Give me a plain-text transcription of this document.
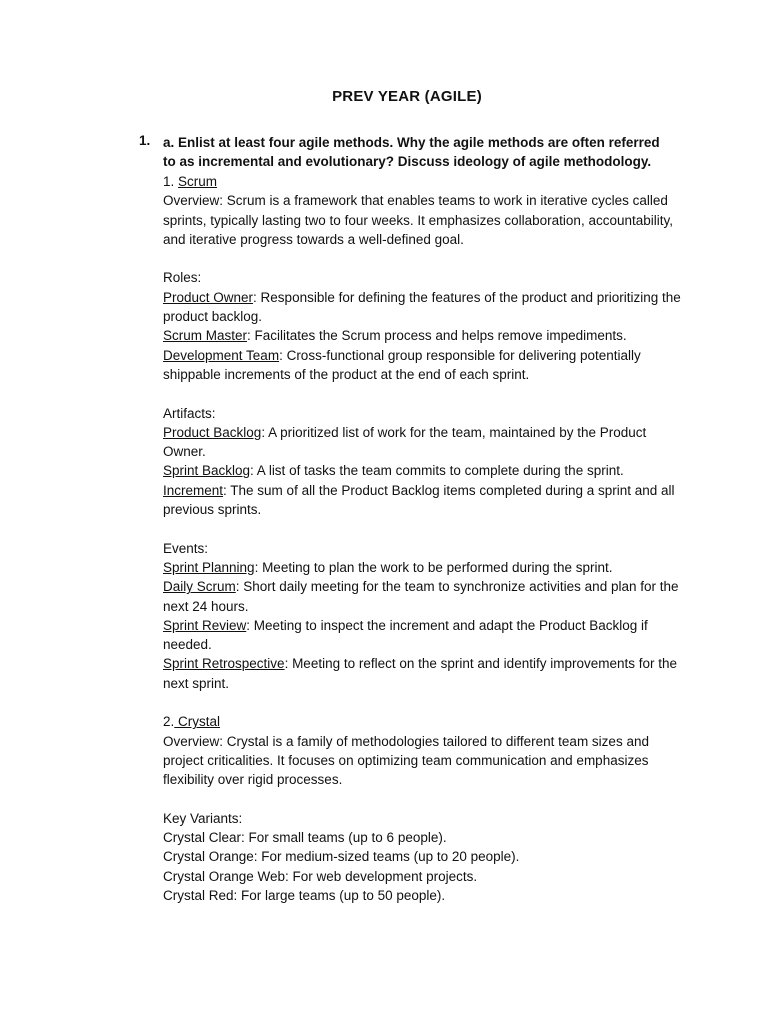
PREV YEAR (AGILE)
1. a. Enlist at least four agile methods. Why the agile methods are often referred to as incremental and evolutionary? Discuss ideology of agile methodology.

1. Scrum

Overview: Scrum is a framework that enables teams to work in iterative cycles called sprints, typically lasting two to four weeks. It emphasizes collaboration, accountability, and iterative progress towards a well-defined goal.

Roles:

Product Owner: Responsible for defining the features of the product and prioritizing the product backlog.

Scrum Master: Facilitates the Scrum process and helps remove impediments.

Development Team: Cross-functional group responsible for delivering potentially shippable increments of the product at the end of each sprint.

Artifacts:

Product Backlog: A prioritized list of work for the team, maintained by the Product Owner.

Sprint Backlog: A list of tasks the team commits to complete during the sprint.

Increment: The sum of all the Product Backlog items completed during a sprint and all previous sprints.

Events:

Sprint Planning: Meeting to plan the work to be performed during the sprint.

Daily Scrum: Short daily meeting for the team to synchronize activities and plan for the next 24 hours.

Sprint Review: Meeting to inspect the increment and adapt the Product Backlog if needed.

Sprint Retrospective: Meeting to reflect on the sprint and identify improvements for the next sprint.

2. Crystal

Overview: Crystal is a family of methodologies tailored to different team sizes and project criticalities. It focuses on optimizing team communication and emphasizes flexibility over rigid processes.

Key Variants:

Crystal Clear: For small teams (up to 6 people).

Crystal Orange: For medium-sized teams (up to 20 people).

Crystal Orange Web: For web development projects.

Crystal Red: For large teams (up to 50 people).
